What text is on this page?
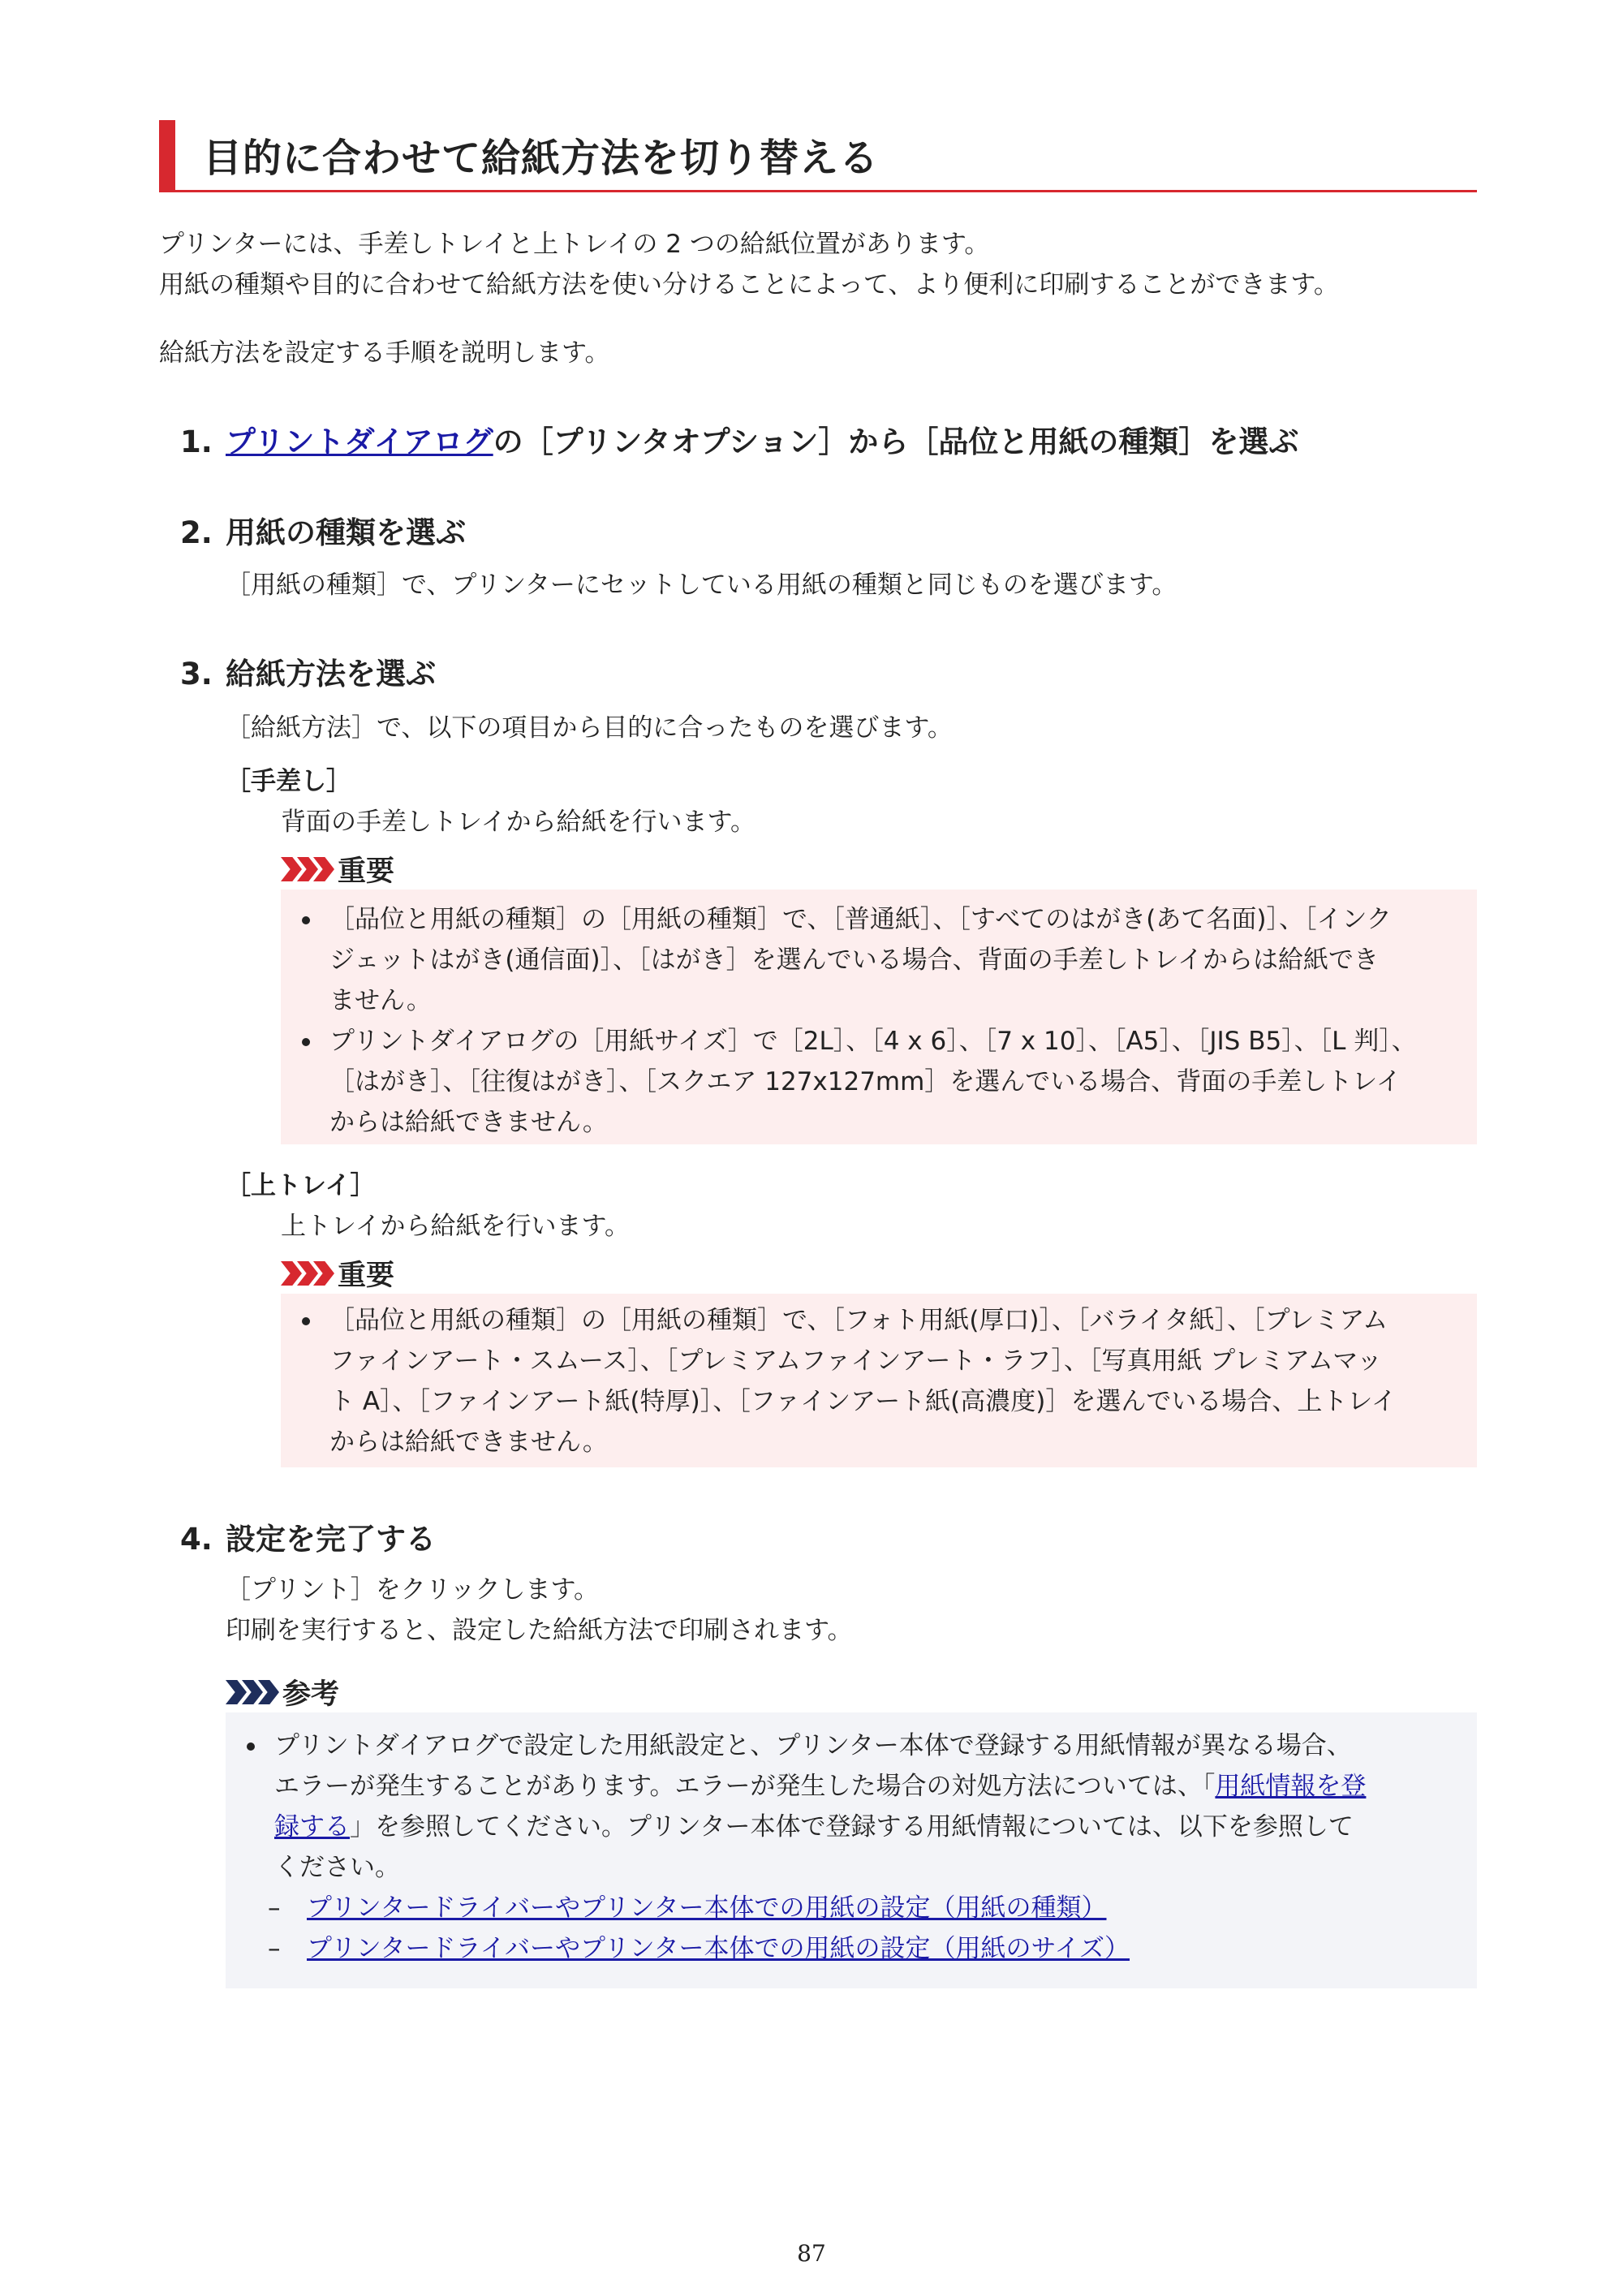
目的に合わせて給紙方法を切り替える

プリンターには、手差しトレイと上トレイの 2 つの給紙位置があります。

用紙の種類や目的に合わせて給紙方法を使い分けることによって、より便利に印刷することができます。

給紙方法を設定する手順を説明します。

1. プリントダイアログの［プリンタオプション］から［品位と用紙の種類］を選ぶ

2. 用紙の種類を選ぶ

［用紙の種類］で、プリンターにセットしている用紙の種類と同じものを選びます。

3. 給紙方法を選ぶ

［給紙方法］で、以下の項目から目的に合ったものを選びます。

［手差し］

背面の手差しトレイから給紙を行います。

重要
［品位と用紙の種類］の［用紙の種類］で、［普通紙］、［すべてのはがき(あて名面)］、［インク
ジェットはがき(通信面)］、［はがき］を選んでいる場合、背面の手差しトレイからは給紙でき
ません。
プリントダイアログの［用紙サイズ］で［2L］、［4 x 6］、［7 x 10］、［A5］、［JIS B5］、［L 判］、
［はがき］、［往復はがき］、［スクエア 127x127mm］を選んでいる場合、背面の手差しトレイ
からは給紙できません。

［上トレイ］

上トレイから給紙を行います。

重要
［品位と用紙の種類］の［用紙の種類］で、［フォト用紙(厚口)］、［バライタ紙］、［プレミアム
ファインアート・スムース］、［プレミアムファインアート・ラフ］、［写真用紙 プレミアムマッ
ト A］、［ファインアート紙(特厚)］、［ファインアート紙(高濃度)］を選んでいる場合、上トレイ
からは給紙できません。

4. 設定を完了する

［プリント］をクリックします。

印刷を実行すると、設定した給紙方法で印刷されます。

参考
プリントダイアログで設定した用紙設定と、プリンター本体で登録する用紙情報が異なる場合、
エラーが発生することがあります。エラーが発生した場合の対処方法については、「用紙情報を登
録する」を参照してください。プリンター本体で登録する用紙情報については、以下を参照して
ください。
– プリンタードライバーやプリンター本体での用紙の設定（用紙の種類）
– プリンタードライバーやプリンター本体での用紙の設定（用紙のサイズ）
87
